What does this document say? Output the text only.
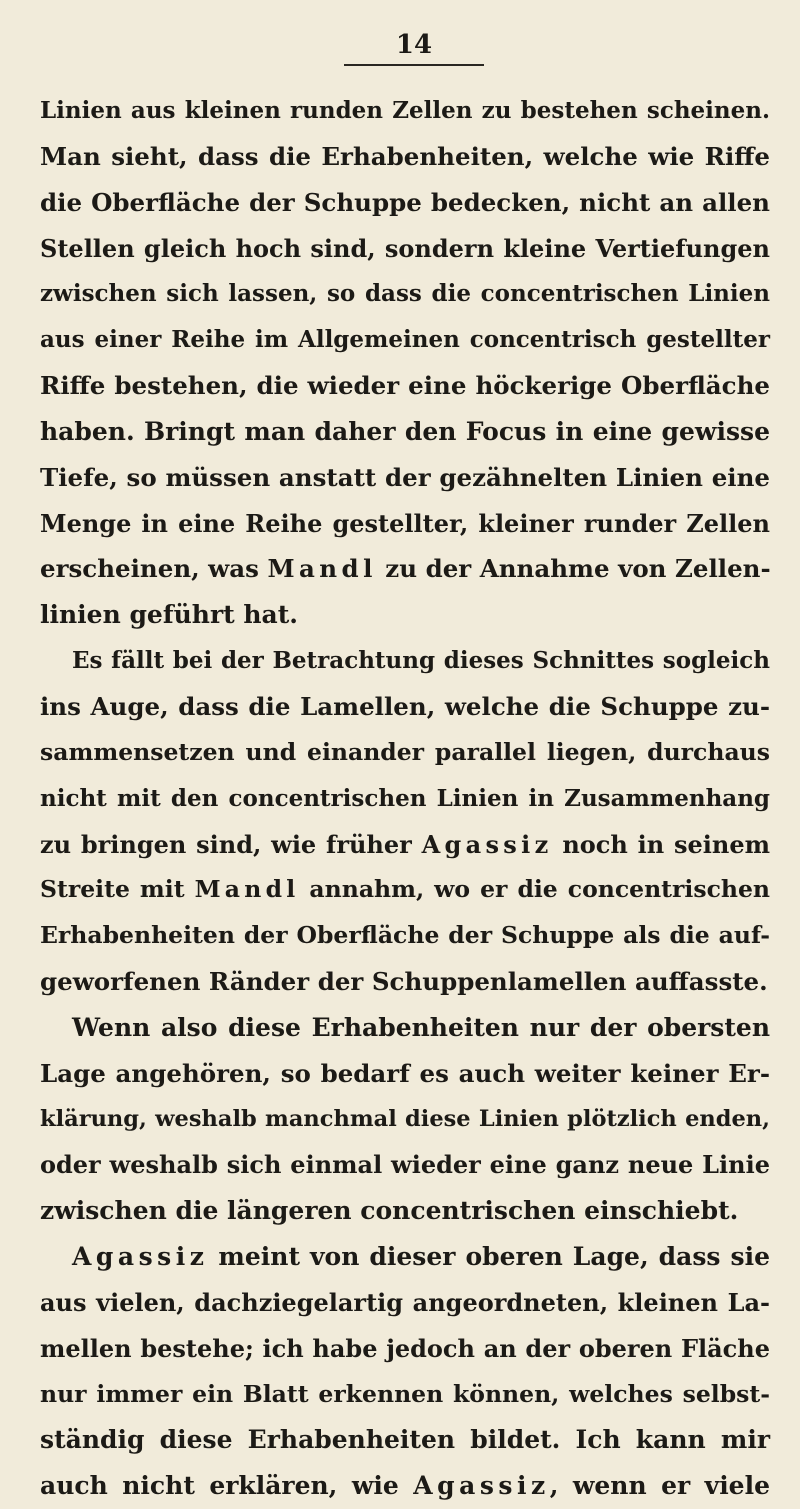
14
Linien aus kleinen runden Zellen zu bestehen scheinen.
Man sieht, dass die Erhabenheiten, welche wie Riffe
die Oberfläche der Schuppe bedecken, nicht an allen
Stellen gleich hoch sind, sondern kleine Vertiefungen
zwischen sich lassen, so dass die concentrischen Linien
aus einer Reihe im Allgemeinen concentrisch gestellter
Riffe bestehen, die wieder eine höckerige Oberfläche
haben. Bringt man daher den Focus in eine gewisse
Tiefe, so müssen anstatt der gezähnelten Linien eine
Menge in eine Reihe gestellter, kleiner runder Zellen
erscheinen, was Mandl zu der Annahme von Zellen-
linien geführt hat.
Es fällt bei der Betrachtung dieses Schnittes sogleich
ins Auge, dass die Lamellen, welche die Schuppe zu-
sammensetzen und einander parallel liegen, durchaus
nicht mit den concentrischen Linien in Zusammenhang
zu bringen sind, wie früher Agassiz noch in seinem
Streite mit Mandl annahm, wo er die concentrischen
Erhabenheiten der Oberfläche der Schuppe als die auf-
geworfenen Ränder der Schuppenlamellen auffasste.
Wenn also diese Erhabenheiten nur der obersten
Lage angehören, so bedarf es auch weiter keiner Er-
klärung, weshalb manchmal diese Linien plötzlich enden,
oder weshalb sich einmal wieder eine ganz neue Linie
zwischen die längeren concentrischen einschiebt.
Agassiz meint von dieser oberen Lage, dass sie
aus vielen, dachziegelartig angeordneten, kleinen La-
mellen bestehe; ich habe jedoch an der oberen Fläche
nur immer ein Blatt erkennen können, welches selbst-
ständig diese Erhabenheiten bildet. Ich kann mir
auch nicht erklären, wie Agassiz, wenn er viele
